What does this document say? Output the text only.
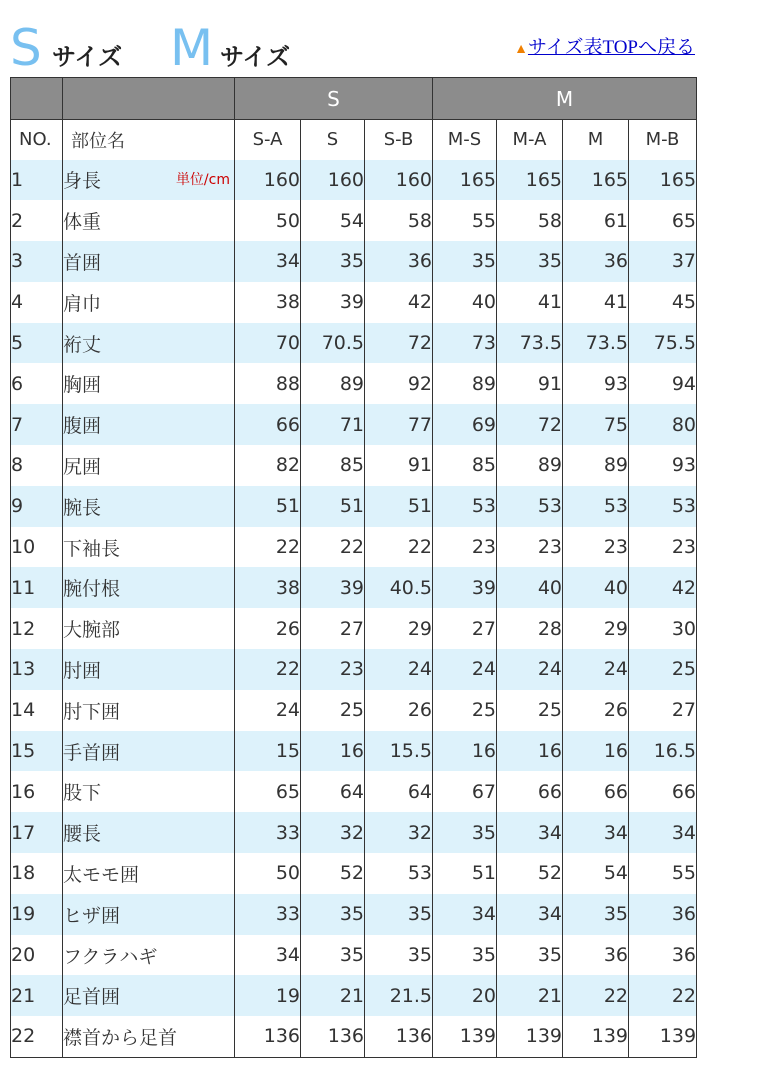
S サイズ M サイズ	▲サイズ表TOPへ戻る
		S			M			
NO.	部位名	S-A	S	S-B	M-S	M-A	M	M-B
1	身長 単位/cm	160	160	160	165	165	165	165
2	体重	50	54	58	55	58	61	65
3	首囲	34	35	36	35	35	36	37
4	肩巾	38	39	42	40	41	41	45
5	裄丈	70	70.5	72	73	73.5	73.5	75.5
6	胸囲	88	89	92	89	91	93	94
7	腹囲	66	71	77	69	72	75	80
8	尻囲	82	85	91	85	89	89	93
9	腕長	51	51	51	53	53	53	53
10	下袖長	22	22	22	23	23	23	23
11	腕付根	38	39	40.5	39	40	40	42
12	大腕部	26	27	29	27	28	29	30
13	肘囲	22	23	24	24	24	24	25
14	肘下囲	24	25	26	25	25	26	27
15	手首囲	15	16	15.5	16	16	16	16.5
16	股下	65	64	64	67	66	66	66
17	腰長	33	32	32	35	34	34	34
18	太モモ囲	50	52	53	51	52	54	55
19	ヒザ囲	33	35	35	34	34	35	36
20	フクラハギ	34	35	35	35	35	36	36
21	足首囲	19	21	21.5	20	21	22	22
22	襟首から足首	136	136	136	139	139	139	139
